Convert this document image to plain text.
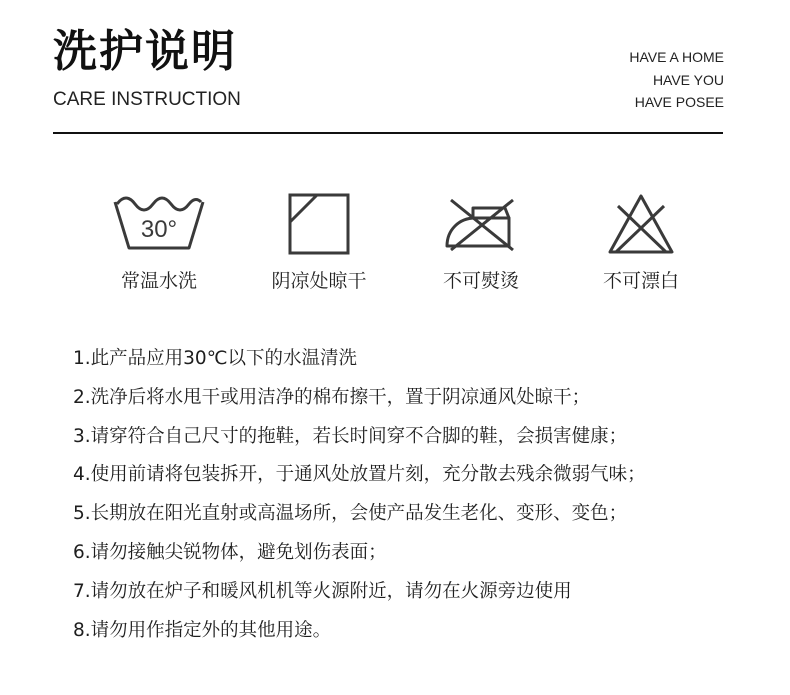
洗护说明
CARE INSTRUCTION
HAVE A HOME
HAVE YOU
HAVE POSEE
30°
常温水洗	阴凉处晾干	不可熨烫	不可漂白
1.此产品应用30℃以下的水温清洗
2.洗净后将水甩干或用洁净的棉布擦干，置于阴凉通风处晾干；
3.请穿符合自己尺寸的拖鞋，若长时间穿不合脚的鞋，会损害健康；
4.使用前请将包装拆开，于通风处放置片刻，充分散去残余微弱气味；
5.长期放在阳光直射或高温场所，会使产品发生老化、变形、变色；
6.请勿接触尖锐物体，避免划伤表面；
7.请勿放在炉子和暖风机机等火源附近，请勿在火源旁边使用
8.请勿用作指定外的其他用途。
